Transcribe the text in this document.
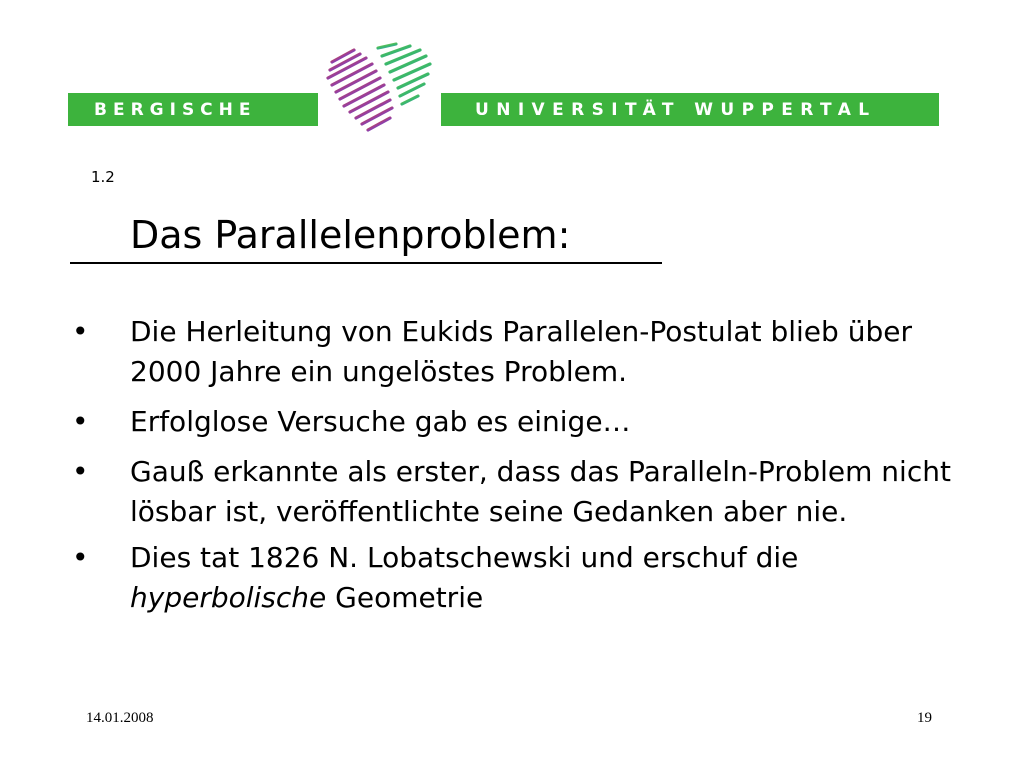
BERGISCHE	UNIVERSITÄT WUPPERTAL
1.2
Das Parallelenproblem:
• Die Herleitung von Eukids Parallelen-Postulat blieb über 2000 Jahre ein ungelöstes Problem.
• Erfolglose Versuche gab es einige…
• Gauß erkannte als erster, dass das Paralleln-Problem nicht lösbar ist, veröffentlichte seine Gedanken aber nie.
• Dies tat 1826 N. Lobatschewski und erschuf die hyperbolische Geometrie
14.01.2008	19
